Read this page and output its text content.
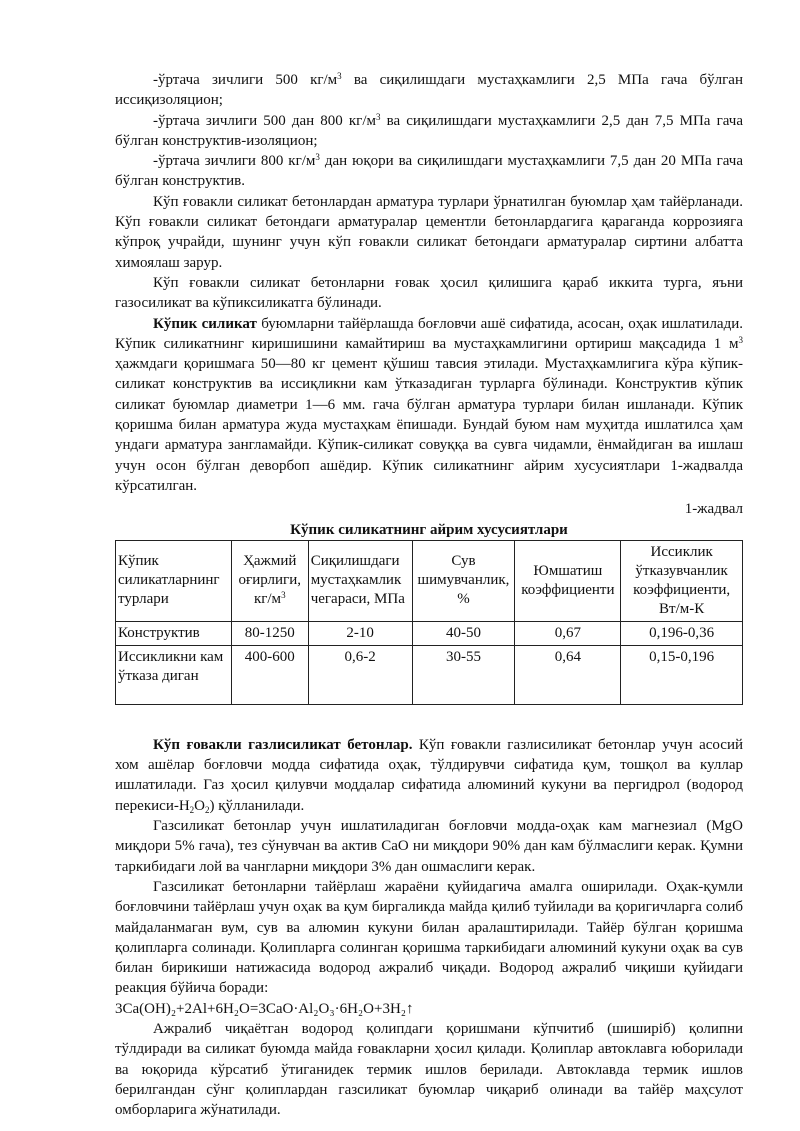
-ўртача зичлиги 500 $кг/м^3$ ва сиқилишдаги мустаҳкамлиги 2,5 МПа гача бўлган иссиқизоляцион;

-ўртача зичлиги 500 дан 800 $кг/м^3$ ва сиқилишдаги мустаҳкамлиги 2,5 дан 7,5 МПа гача бўлган конструктив-изоляцион;

-ўртача зичлиги 800 $кг/м^3$ дан юқори ва сиқилишдаги мустаҳкамлиги 7,5 дан 20 МПа гача бўлган конструктив.

Кўп ғовакли силикат бетонлардан арматура турлари ўрнатилган буюмлар ҳам тайёрланади. Кўп ғовакли силикат бетондаги арматуралар цементли бетонлардагига қараганда коррозияга кўпроқ учрайди, шунинг учун кўп ғовакли силикат бетондаги арматуралар сиртини албатта химоялаш зарур.

Кўп ғовакли силикат бетонларни ғовак ҳосил қилишига қараб иккита турга, яъни газосиликат ва кўпиксиликатга бўлинади.

Кўпик силикат буюмларни тайёрлашда боғловчи ашё сифатида, асосан, оҳак ишлатилади. Кўпик силикатнинг киришишини камайтириш ва мустаҳкамлигини ортириш мақсадида 1 $м^3$ ҳажмдаги қоришмага 50—80 кг цемент қўшиш тавсия этилади. Мустаҳкамлигига кўра кўпик-силикат конструктив ва иссиқликни кам ўтказадиган турларга бўлинади. Конструктив кўпик силикат буюмлар диаметри 1—6 мм. гача бўлган арматура турлари билан ишланади. Кўпик қоришма билан арматура жуда мустаҳкам ёпишади. Бундай буюм нам муҳитда ишлатилса ҳам ундаги арматура зангламайди. Кўпик-силикат совуққа ва сувга чидамли, ёнмайдиган ва ишлаш учун осон бўлган деворбоп ашёдир. Кўпик силикатнинг айрим хусусиятлари 1-жадвалда кўрсатилган.

1-жадвал
Кўпик силикатнинг айрим хусусиятлари
Кўпик силикатларнинг турлари	Ҳажмий оғирлиги, $кг/м^3$	Сиқилишдаги мустаҳкамлик чегараси, МПа	Сув шимувчанлик, %	Юмшатиш коэффициенти	Иссиклик ўтказувчанлик коэффициенти, Вт/м-К
Конструктив	80-1250	2-10	40-50	0,67	0,196-0,36
Иссикликни кам ўтказа диган	400-600	0,6-2	30-55	0,64	0,15-0,196

Кўп ғовакли газлисиликат бетонлар. Кўп ғовакли газлисиликат бетонлар учун асосий хом ашёлар боғловчи модда сифатида оҳак, тўлдирувчи сифатида қум, тошқол ва куллар ишлатилади. Газ ҳосил қилувчи моддалар сифатида алюминий кукуни ва пергидрол (водород перекиси-$H_2O_2$) қўлланилади.

Газсиликат бетонлар учун ишлатиладиган боғловчи модда-оҳак кам магнезиал (MgO миқдори 5% гача), тез сўнувчан ва актив CaO ни миқдори 90% дан кам бўлмаслиги керак. Қумни таркибидаги лой ва чангларни миқдори 3% дан ошмаслиги керак.

Газсиликат бетонларни тайёрлаш жараёни қуйидагича амалга оширилади. Оҳак-қумли боғловчини тайёрлаш учун оҳак ва қум биргаликда майда қилиб туйилади ва қоригичларга солиб майдаланмаган вум, сув ва алюмин кукуни билан аралаштирилади. Тайёр бўлган қоришма қолипларга солинади. Қолипларга солинган қоришма таркибидаги алюминий кукуни оҳак ва сув билан бирикиши натижасида водород ажралиб чиқади. Водород ажралиб чиқиши қуйидаги реакция бўйича боради:

3Ca(OH)₂+2Al+6H₂O=3CaO·Al₂O₃·6H₂O+3H₂↑

Ажралиб чиқаётган водород қолипдаги қоришмани кўпчитиб (шиширіб) қолипни тўлдиради ва силикат буюмда майда ғовакларни ҳосил қилади. Қолиплар автоклавга юборилади ва юқорида кўрсатиб ўтиганидек термик ишлов берилади. Автоклавда термик ишлов берилгандан сўнг қолиплардан газсиликат буюмлар чиқариб олинади ва тайёр маҳсулот омборларига жўнатилади.
